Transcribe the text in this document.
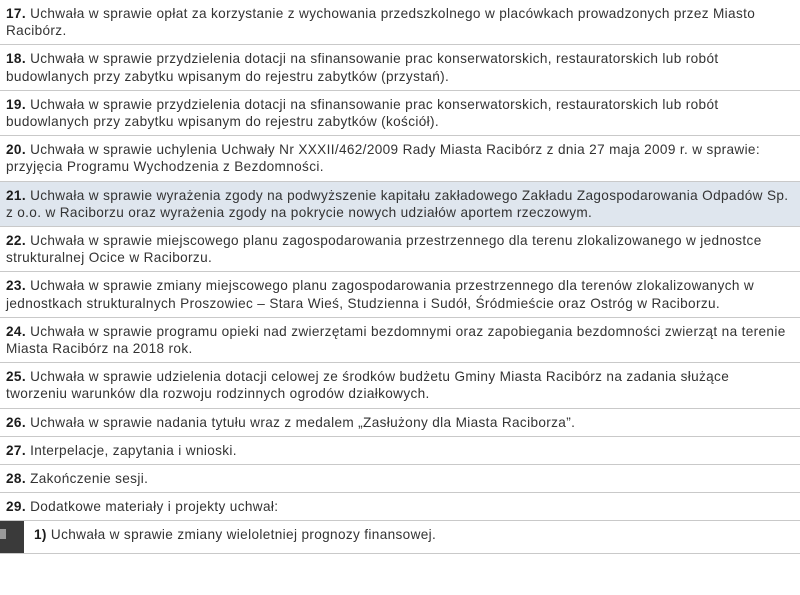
17. Uchwała w sprawie opłat za korzystanie z wychowania przedszkolnego w placówkach prowadzonych przez Miasto Racibórz.
18. Uchwała w sprawie przydzielenia dotacji na sfinansowanie prac konserwatorskich, restauratorskich lub robót budowlanych przy zabytku wpisanym do rejestru zabytków (przystań).
19. Uchwała w sprawie przydzielenia dotacji na sfinansowanie prac konserwatorskich, restauratorskich lub robót budowlanych przy zabytku wpisanym do rejestru zabytków (kościół).
20. Uchwała w sprawie uchylenia Uchwały Nr XXXII/462/2009 Rady Miasta Racibórz z dnia 27 maja 2009 r. w sprawie: przyjęcia Programu Wychodzenia z Bezdomności.
21. Uchwała w sprawie wyrażenia zgody na podwyższenie kapitału zakładowego Zakładu Zagospodarowania Odpadów Sp. z o.o. w Raciborzu oraz wyrażenia zgody na pokrycie nowych udziałów aportem rzeczowym.
22. Uchwała w sprawie miejscowego planu zagospodarowania przestrzennego dla terenu zlokalizowanego w jednostce strukturalnej Ocice w Raciborzu.
23. Uchwała w sprawie zmiany miejscowego planu zagospodarowania przestrzennego dla terenów zlokalizowanych w jednostkach strukturalnych Proszowiec – Stara Wieś, Studzienna i Sudół, Śródmieście oraz Ostróg w Raciborzu.
24. Uchwała w sprawie programu opieki nad zwierzętami bezdomnymi oraz zapobiegania bezdomności zwierząt na terenie Miasta Racibórz na 2018 rok.
25. Uchwała w sprawie udzielenia dotacji celowej ze środków budżetu Gminy Miasta Racibórz na zadania służące tworzeniu warunków dla rozwoju rodzinnych ogrodów działkowych.
26. Uchwała w sprawie nadania tytułu wraz z medalem „Zasłużony dla Miasta Raciborza”.
27. Interpelacje, zapytania i wnioski.
28. Zakończenie sesji.
29. Dodatkowe materiały i projekty uchwał:
1) Uchwała w sprawie zmiany wieloletniej prognozy finansowej.
